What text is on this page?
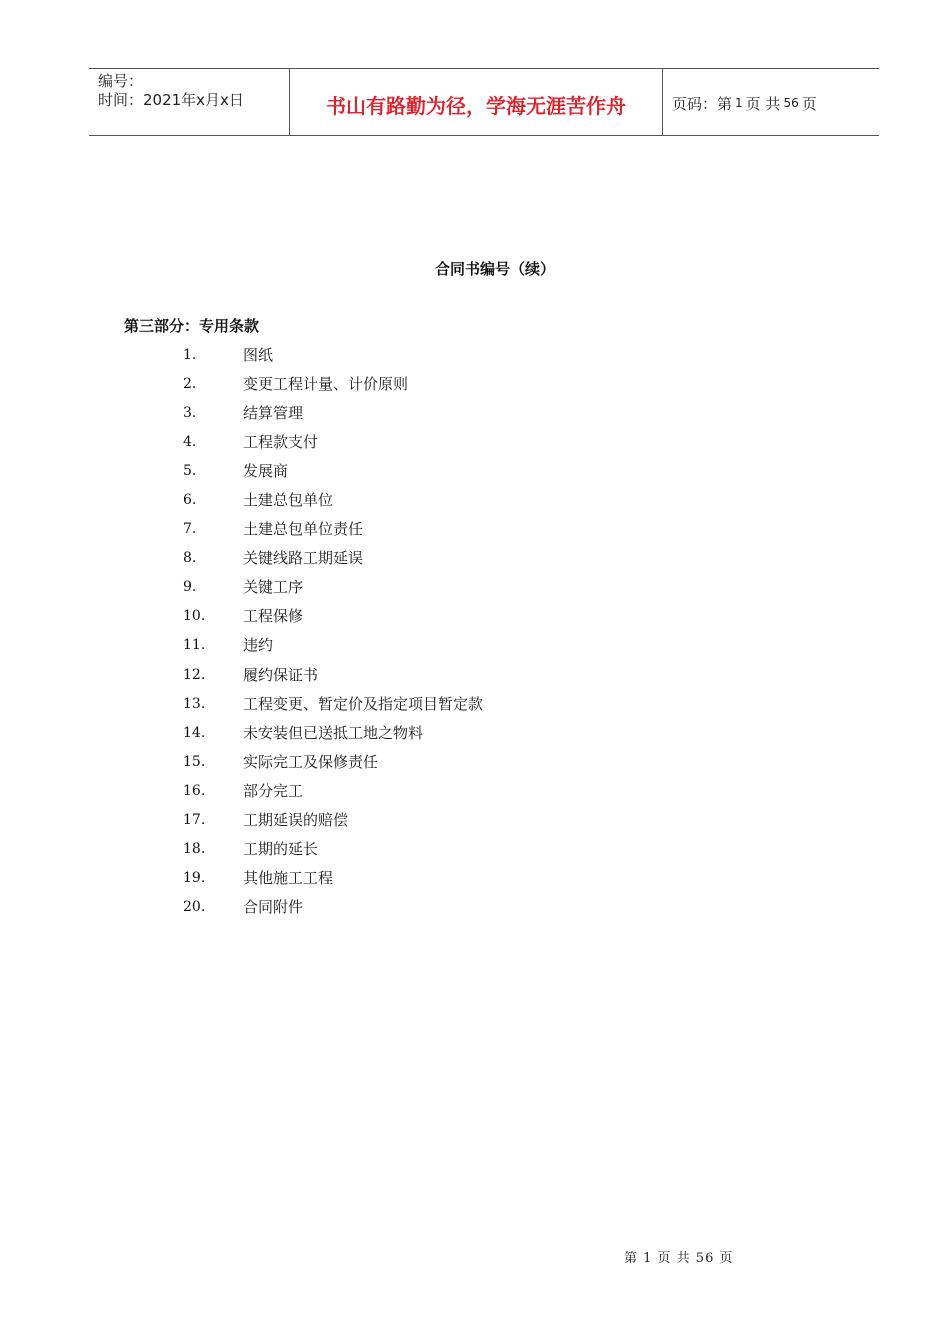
编号：
时间：2021年x月x日	书山有路勤为径，学海无涯苦作舟	页码：第 1 页 共 56 页
合同书编号（续）
第三部分：专用条款
1.	图纸
2.	变更工程计量、计价原则
3.	结算管理
4.	工程款支付
5.	发展商
6.	土建总包单位
7.	土建总包单位责任
8.	关键线路工期延误
9.	关键工序
10.	工程保修
11.	违约
12.	履约保证书
13.	工程变更、暂定价及指定项目暂定款
14.	未安装但已送抵工地之物料
15.	实际完工及保修责任
16.	部分完工
17.	工期延误的赔偿
18.	工期的延长
19.	其他施工工程
20.	合同附件
第 1 页 共 56 页
